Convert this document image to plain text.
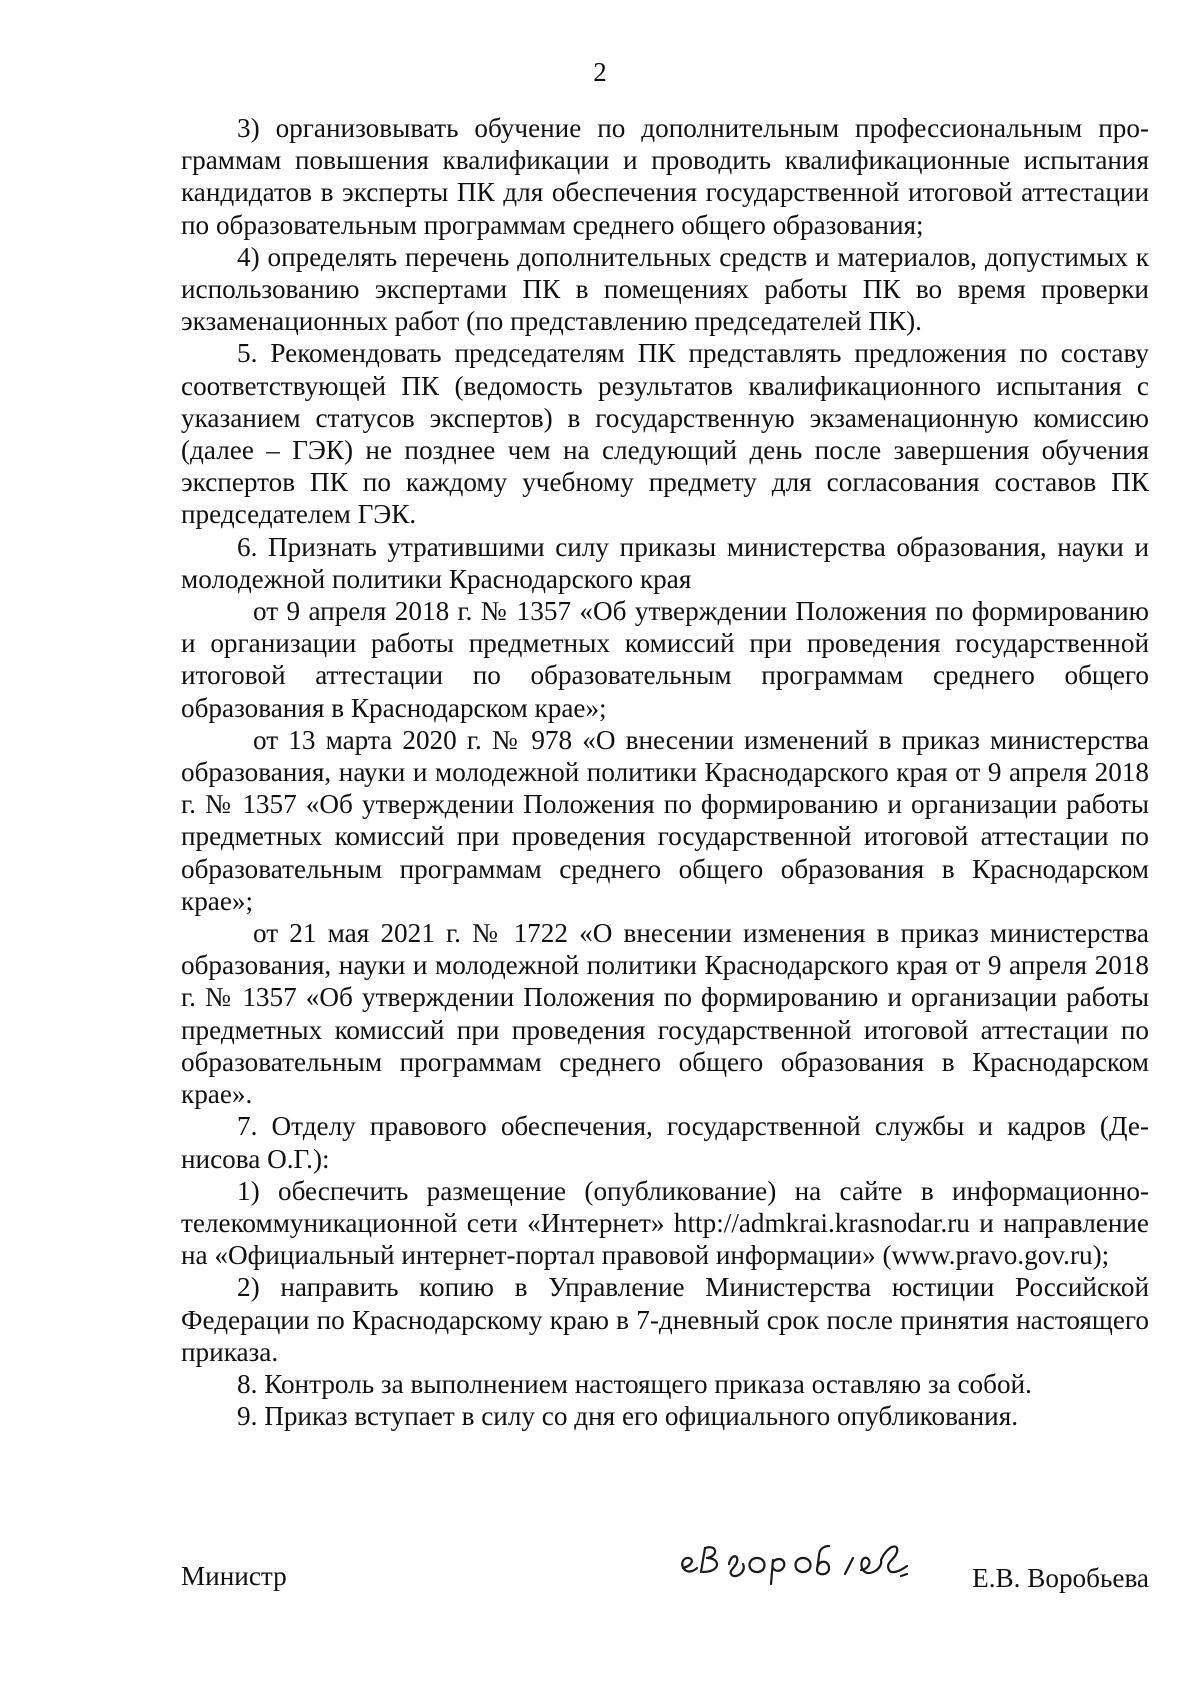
2

3) организовывать обучение по дополнительным профессиональным программам повышения квалификации и проводить квалификационные испытания кандидатов в эксперты ПК для обеспечения государственной итоговой аттестации по образовательным программам среднего общего образования;

4) определять перечень дополнительных средств и материалов, допустимых к использованию экспертами ПК в помещениях работы ПК во время проверки экзаменационных работ (по представлению председателей ПК).

5. Рекомендовать председателям ПК представлять предложения по составу соответствующей ПК (ведомость результатов квалификационного испытания с указанием статусов экспертов) в государственную экзаменационную комиссию (далее – ГЭК) не позднее чем на следующий день после завершения обучения экспертов ПК по каждому учебному предмету для согласования составов ПК председателем ГЭК.

6. Признать утратившими силу приказы министерства образования, науки и молодежной политики Краснодарского края

от 9 апреля 2018 г. № 1357 «Об утверждении Положения по формированию и организации работы предметных комиссий при проведения государственной итоговой аттестации по образовательным программам среднего общего образования в Краснодарском крае»;

от 13 марта 2020 г. № 978 «О внесении изменений в приказ министерства образования, науки и молодежной политики Краснодарского края от 9 апреля 2018 г. № 1357 «Об утверждении Положения по формированию и организации работы предметных комиссий при проведения государственной итоговой аттестации по образовательным программам среднего общего образования в Краснодарском крае»;

от 21 мая 2021 г. № 1722 «О внесении изменения в приказ министерства образования, науки и молодежной политики Краснодарского края от 9 апреля 2018 г. № 1357 «Об утверждении Положения по формированию и организации работы предметных комиссий при проведения государственной итоговой аттестации по образовательным программам среднего общего образования в Краснодарском крае».

7. Отделу правового обеспечения, государственной службы и кадров (Денисова О.Г.):

1) обеспечить размещение (опубликование) на сайте в информационно-телекоммуникационной сети «Интернет» http://admkrai.krasnodar.ru и направление на «Официальный интернет-портал правовой информации» (www.pravo.gov.ru);

2) направить копию в Управление Министерства юстиции Российской Федерации по Краснодарскому краю в 7-дневный срок после принятия настоящего приказа.

8. Контроль за выполнением настоящего приказа оставляю за собой.

9. Приказ вступает в силу со дня его официального опубликования.

Министр	Е.В. Воробьева
